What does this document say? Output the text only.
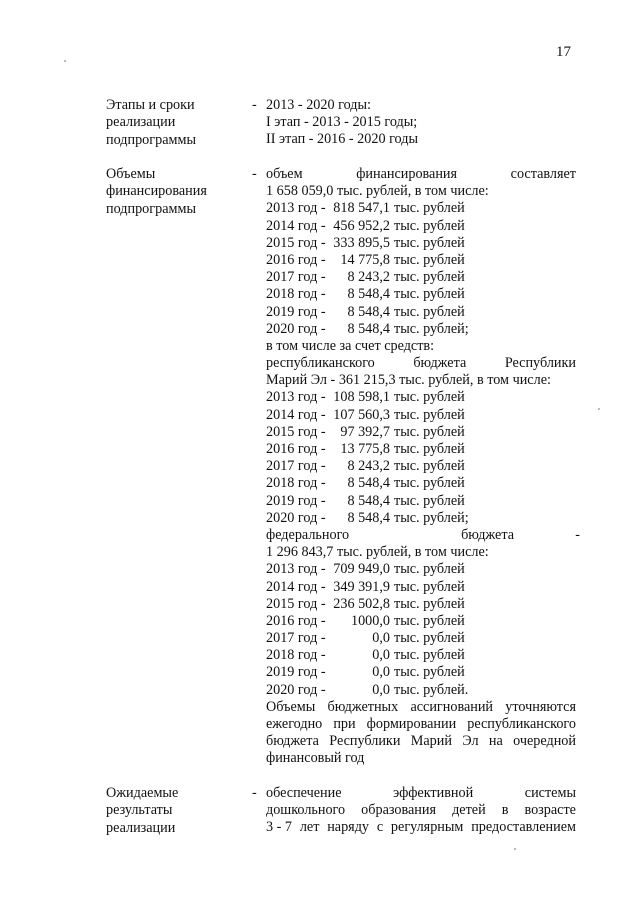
17
Этапы и сроки
реализации
подпрограммы
- 2013 - 2020 годы:
I этап - 2013 - 2015 годы;
II этап - 2016 - 2020 годы
Объемы
финансирования
подпрограммы
- объем	финансирования	составляет
1 658 059,0 тыс. рублей, в том числе:
2013 год - 818 547,1 тыс. рублей
2014 год - 456 952,2 тыс. рублей
2015 год - 333 895,5 тыс. рублей
2016 год -	14 775,8 тыс. рублей
2017 год -	8 243,2 тыс. рублей
2018 год -	8 548,4 тыс. рублей
2019 год -	8 548,4 тыс. рублей
2020 год -	8 548,4 тыс. рублей;
в том числе за счет средств:
республиканского	бюджета	Республики
Марий Эл - 361 215,3 тыс. рублей, в том числе:
2013 год - 108 598,1 тыс. рублей
2014 год - 107 560,3 тыс. рублей
2015 год -	97 392,7 тыс. рублей
2016 год -	13 775,8 тыс. рублей
2017 год -	8 243,2 тыс. рублей
2018 год -	8 548,4 тыс. рублей
2019 год -	8 548,4 тыс. рублей
2020 год -	8 548,4 тыс. рублей;
федерального	бюджета	-
1 296 843,7 тыс. рублей, в том числе:
2013 год - 709 949,0 тыс. рублей
2014 год - 349 391,9 тыс. рублей
2015 год - 236 502,8 тыс. рублей
2016 год -	1000,0 тыс. рублей
2017 год -	0,0 тыс. рублей
2018 год -	0,0 тыс. рублей
2019 год -	0,0 тыс. рублей
2020 год -	0,0 тыс. рублей.
Объемы бюджетных ассигнований уточняются ежегодно при формировании республиканского бюджета Республики Марий Эл на очередной финансовый год
Ожидаемые
результаты
реализации
- обеспечение	эффективной	системы
дошкольного образования детей в возрасте
3 - 7 лет наряду с регулярным предоставлением
